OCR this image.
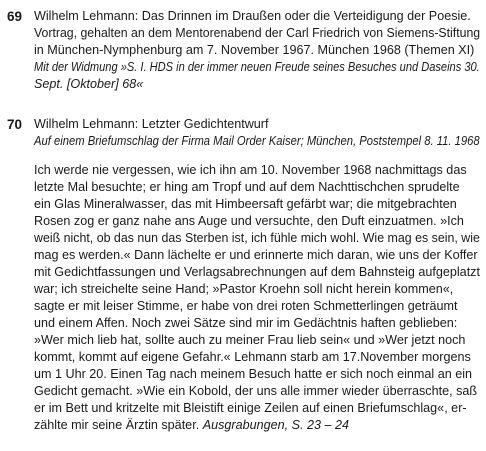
69 Wilhelm Lehmann: Das Drinnen im Draußen oder die Verteidigung der Poesie.
Vortrag, gehalten an dem Mentorenabend der Carl Friedrich von Siemens-Stiftung
in München-Nymphenburg am 7. November 1967. München 1968 (Themen XI)
Mit der Widmung »S. I. HDS in der immer neuen Freude seines Besuches und Daseins 30.
Sept. [Oktober] 68«
70 Wilhelm Lehmann: Letzter Gedichtentwurf
Auf einem Briefumschlag der Firma Mail Order Kaiser; München, Poststempel 8. 11. 1968
Ich werde nie vergessen, wie ich ihn am 10. November 1968 nachmittags das
letzte Mal besuchte; er hing am Tropf und auf dem Nachttischchen sprudelte
ein Glas Mineralwasser, das mit Himbeersaft gefärbt war; die mitgebrachten
Rosen zog er ganz nahe ans Auge und versuchte, den Duft einzuatmen. »Ich
weiß nicht, ob das nun das Sterben ist, ich fühle mich wohl. Wie mag es sein, wie
mag es werden.« Dann lächelte er und erinnerte mich daran, wie uns der Koffer
mit Gedichtfassungen und Verlagsabrechnungen auf dem Bahnsteig aufgeplatzt
war; ich streichelte seine Hand; »Pastor Kroehn soll nicht herein kommen«,
sagte er mit leiser Stimme, er habe von drei roten Schmetterlingen geträumt
und einem Affen. Noch zwei Sätze sind mir im Gedächtnis haften geblieben:
»Wer mich lieb hat, sollte auch zu meiner Frau lieb sein« und »Wer jetzt noch
kommt, kommt auf eigene Gefahr.« Lehmann starb am 17.November morgens
um 1 Uhr 20. Einen Tag nach meinem Besuch hatte er sich noch einmal an ein
Gedicht gemacht. »Wie ein Kobold, der uns alle immer wieder überraschte, saß
er im Bett und kritzelte mit Bleistift einige Zeilen auf einen Briefumschlag«, er-
zählte mir seine Ärztin später. Ausgrabungen, S. 23 – 24
